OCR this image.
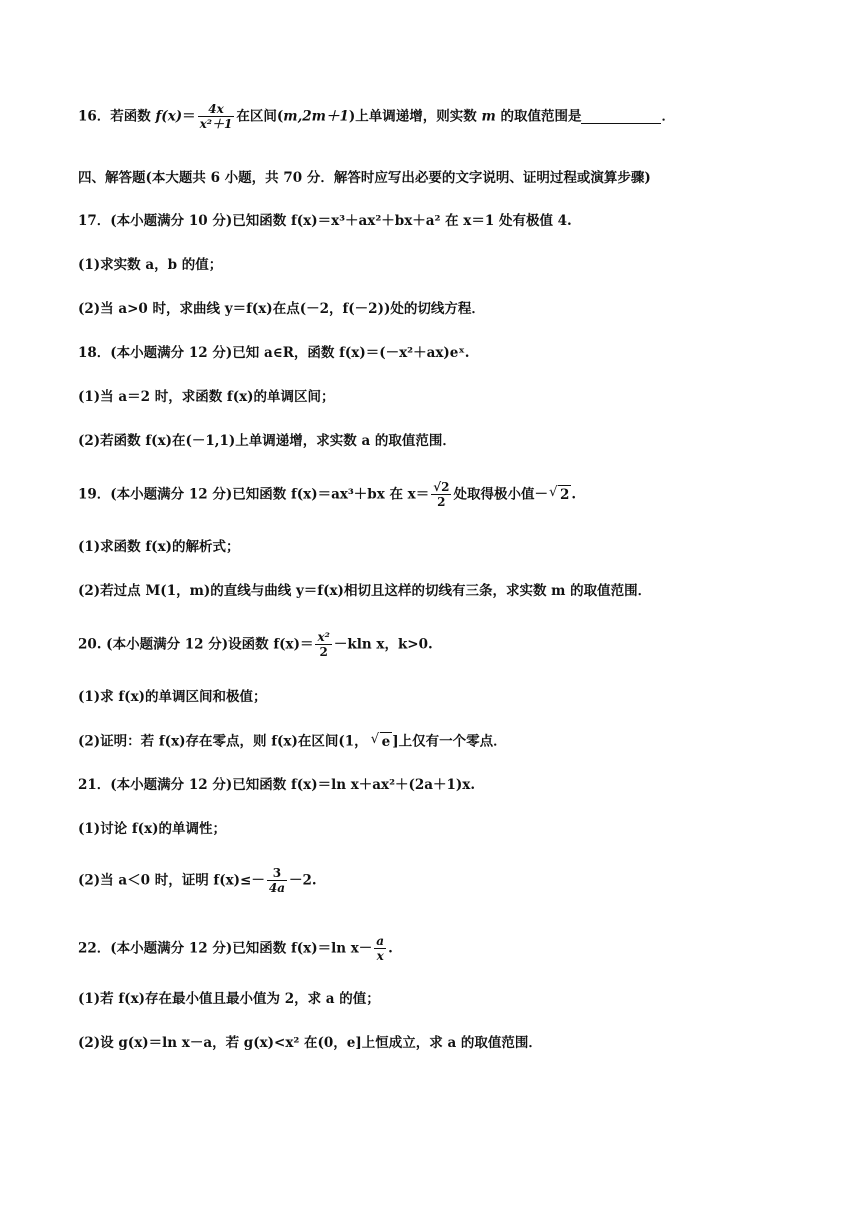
16．若函数 $f(x)= \frac{4x}{\text{x²＋1}}$ 在区间(m,2m＋1)上单调递增，则实数 m 的取值范围是	．
四、解答题(本大题共 6 小题，共 70 分．解答时应写出必要的文字说明、证明过程或演算步骤)
17．(本小题满分 10 分)已知函数 f(x)＝x³＋ax²＋bx＋a² 在 x＝1 处有极值 4.
(1)求实数 a，b 的值；
(2)当 a>0 时，求曲线 y＝f(x)在点(－2，f(－2))处的切线方程．
18．(本小题满分 12 分)已知 a∈R，函数 f(x)＝(－x²＋ax)eˣ.
(1)当 a＝2 时，求函数 f(x)的单调区间；
(2)若函数 f(x)在(－1,1)上单调递增，求实数 a 的取值范围．
19．(本小题满分 12 分)已知函数 f(x)＝ax³＋bx 在 $x= \frac{√2}{2}$ 处取得极小值－ √ 2 .
(1)求函数 f(x)的解析式；
(2)若过点 M(1，m)的直线与曲线 y＝f(x)相切且这样的切线有三条，求实数 m 的取值范围．
20. (本小题满分 12 分)设函数 $f(x)= \frac{\text{x²}}{2} -kln$ x，k>0.
(1)求 f(x)的单调区间和极值；
(2)证明：若 f(x)存在零点，则 f(x)在区间(1， √ e ]上仅有一个零点．
21．(本小题满分 12 分)已知函数 f(x)＝ln x＋ax²＋(2a＋1)x.
(1)讨论 f(x)的单调性；
(2)当 a＜0 时，证明 $f(x)\le- \frac{3}{4a} -2$.
22．(本小题满分 12 分)已知函数 f(x)＝ln $x- \frac{a}{x}$ .
(1)若 f(x)存在最小值且最小值为 2，求 a 的值；
(2)设 g(x)＝ln x－a，若 g(x)<x² 在(0，e]上恒成立，求 a 的取值范围．
